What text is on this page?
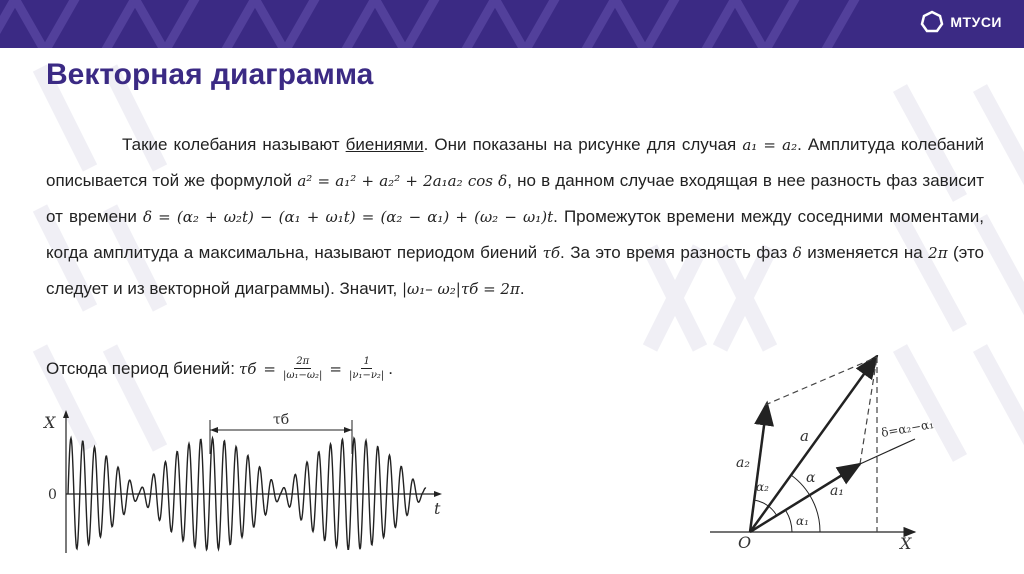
МТУСИ
Векторная диаграмма

Такие колебания называют биениями. Они показаны на рисунке для случая a₁ = a₂. Амплитуда колебаний описывается той же формулой a² = a₁² + a₂² + 2a₁a₂ cos δ, но в данном случае входящая в нее разность фаз зависит от времени δ = (α₂ + ω₂t) − (α₁ + ω₁t) = (α₂ − α₁) + (ω₂ − ω₁)t. Промежуток времени между соседними моментами, когда амплитуда а максимальна, называют периодом биений τб. За это время разность фаз δ изменяется на 2π (это следует и из векторной диаграммы). Значит, |ω₁– ω₂|τб = 2π.

Отсюда период биений: $\tau б = \frac{2\pi}{\text{|ω₁−ω₂|}} = \frac{1}{\text{|ν₁−ν₂|}}$ .
X
0
t
τб
X
O
a
a₁
a₂
α
α₁
α₂
δ=α₂−α₁
